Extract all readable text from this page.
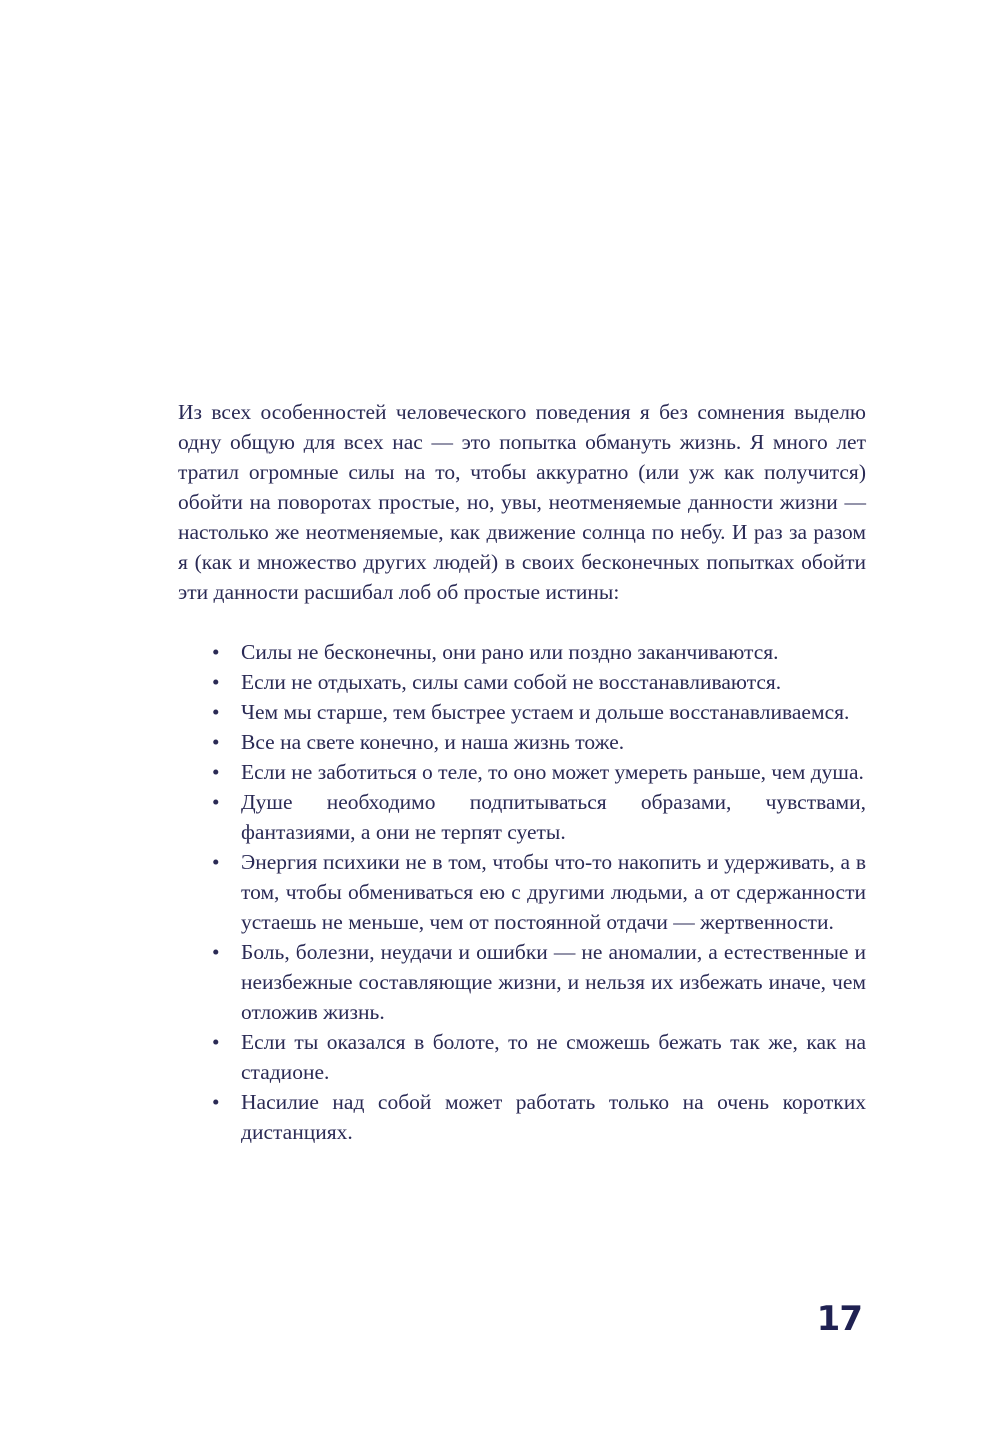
Из всех особенностей человеческого поведения я без сомнения выделю одну общую для всех нас — это попытка обмануть жизнь. Я много лет тратил огромные силы на то, чтобы аккуратно (или уж как получится) обойти на поворотах простые, но, увы, неотменяемые данности жизни — настолько же неотменяемые, как движение солнца по небу. И раз за разом я (как и множество других людей) в своих бесконечных попытках обойти эти данности расшибал лоб об простые истины:

• Силы не бесконечны, они рано или поздно заканчиваются.
• Если не отдыхать, силы сами собой не восстанавливаются.
• Чем мы старше, тем быстрее устаем и дольше восстанавливаемся.
• Все на свете конечно, и наша жизнь тоже.
• Если не заботиться о теле, то оно может умереть раньше, чем душа.
• Душе необходимо подпитываться образами, чувствами, фантазиями, а они не терпят суеты.
• Энергия психики не в том, чтобы что-то накопить и удерживать, а в том, чтобы обмениваться ею с другими людьми, а от сдержанности устаешь не меньше, чем от постоянной отдачи — жертвенности.
• Боль, болезни, неудачи и ошибки — не аномалии, а естественные и неизбежные составляющие жизни, и нельзя их избежать иначе, чем отложив жизнь.
• Если ты оказался в болоте, то не сможешь бежать так же, как на стадионе.
• Насилие над собой может работать только на очень коротких дистанциях.
17
